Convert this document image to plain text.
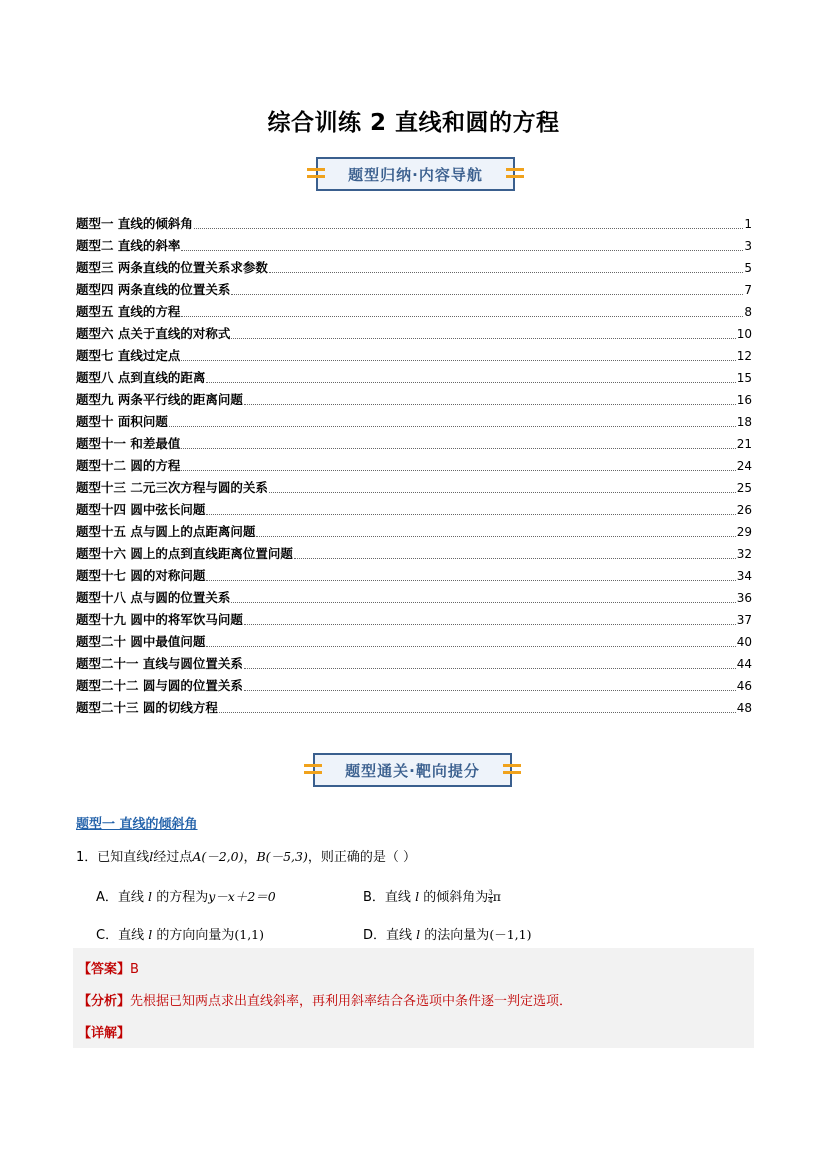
综合训练 2 直线和圆的方程
题型归纳·内容导航
题型一 直线的倾斜角	1
题型二 直线的斜率	3
题型三 两条直线的位置关系求参数	5
题型四 两条直线的位置关系	7
题型五 直线的方程	8
题型六 点关于直线的对称式	10
题型七 直线过定点	12
题型八 点到直线的距离	15
题型九 两条平行线的距离问题	16
题型十 面积问题	18
题型十一 和差最值	21
题型十二 圆的方程	24
题型十三 二元三次方程与圆的关系	25
题型十四 圆中弦长问题	26
题型十五 点与圆上的点距离问题	29
题型十六 圆上的点到直线距离位置问题	32
题型十七 圆的对称问题	34
题型十八 点与圆的位置关系	36
题型十九 圆中的将军饮马问题	37
题型二十 圆中最值问题	40
题型二十一 直线与圆位置关系	44
题型二十二 圆与圆的位置关系	46
题型二十三 圆的切线方程	48
题型通关·靶向提分
题型一 直线的倾斜角
1．已知直线l经过点A(－2,0)，B(－5,3)，则正确的是（ ）
A．直线 l 的方程为y－x＋2＝0	B．直线 l 的倾斜角为 $\frac{3}{4}$ π
C．直线 l 的方向向量为(1,1)	D．直线 l 的法向量为(－1,1)
【答案】B
【分析】先根据已知两点求出直线斜率，再利用斜率结合各选项中条件逐一判定选项．
【详解】
